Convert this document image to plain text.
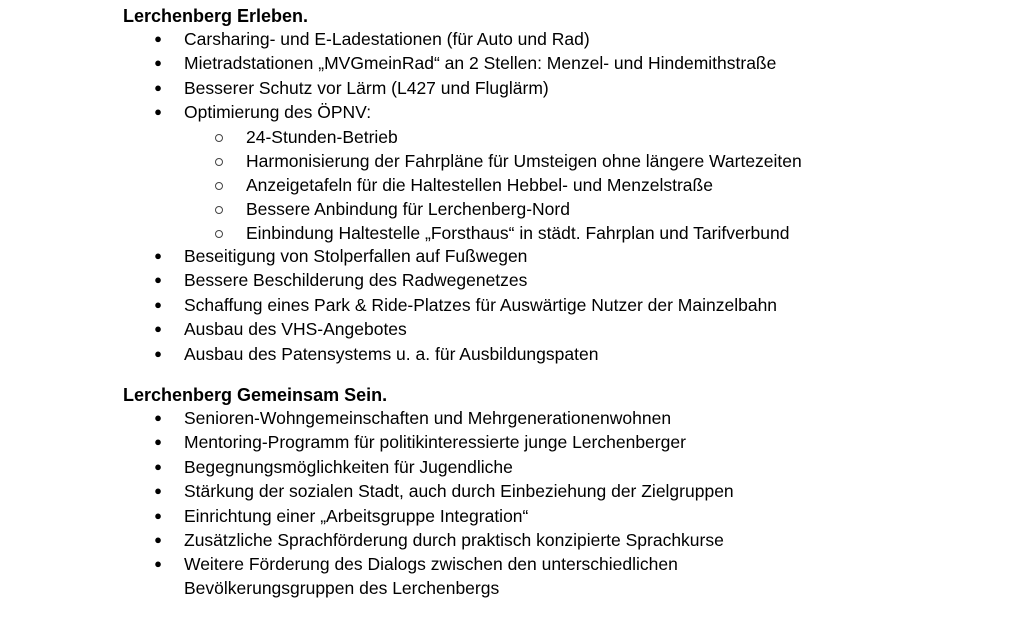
Lerchenberg Erleben.
● Carsharing- und E-Ladestationen (für Auto und Rad)
● Mietradstationen „MVGmeinRad“ an 2 Stellen: Menzel- und Hindemithstraße
● Besserer Schutz vor Lärm (L427 und Fluglärm)
● Optimierung des ÖPNV:
24-Stunden-Betrieb
Harmonisierung der Fahrpläne für Umsteigen ohne längere Wartezeiten
Anzeigetafeln für die Haltestellen Hebbel- und Menzelstraße
Bessere Anbindung für Lerchenberg-Nord
Einbindung Haltestelle „Forsthaus“ in städt. Fahrplan und Tarifverbund
● Beseitigung von Stolperfallen auf Fußwegen
● Bessere Beschilderung des Radwegenetzes
● Schaffung eines Park & Ride-Platzes für Auswärtige Nutzer der Mainzelbahn
● Ausbau des VHS-Angebotes
● Ausbau des Patensystems u. a. für Ausbildungspaten
Lerchenberg Gemeinsam Sein.
● Senioren-Wohngemeinschaften und Mehrgenerationenwohnen
● Mentoring-Programm für politikinteressierte junge Lerchenberger
● Begegnungsmöglichkeiten für Jugendliche
● Stärkung der sozialen Stadt, auch durch Einbeziehung der Zielgruppen
● Einrichtung einer „Arbeitsgruppe Integration“
● Zusätzliche Sprachförderung durch praktisch konzipierte Sprachkurse
● Weitere Förderung des Dialogs zwischen den unterschiedlichen Bevölkerungsgruppen des Lerchenbergs
